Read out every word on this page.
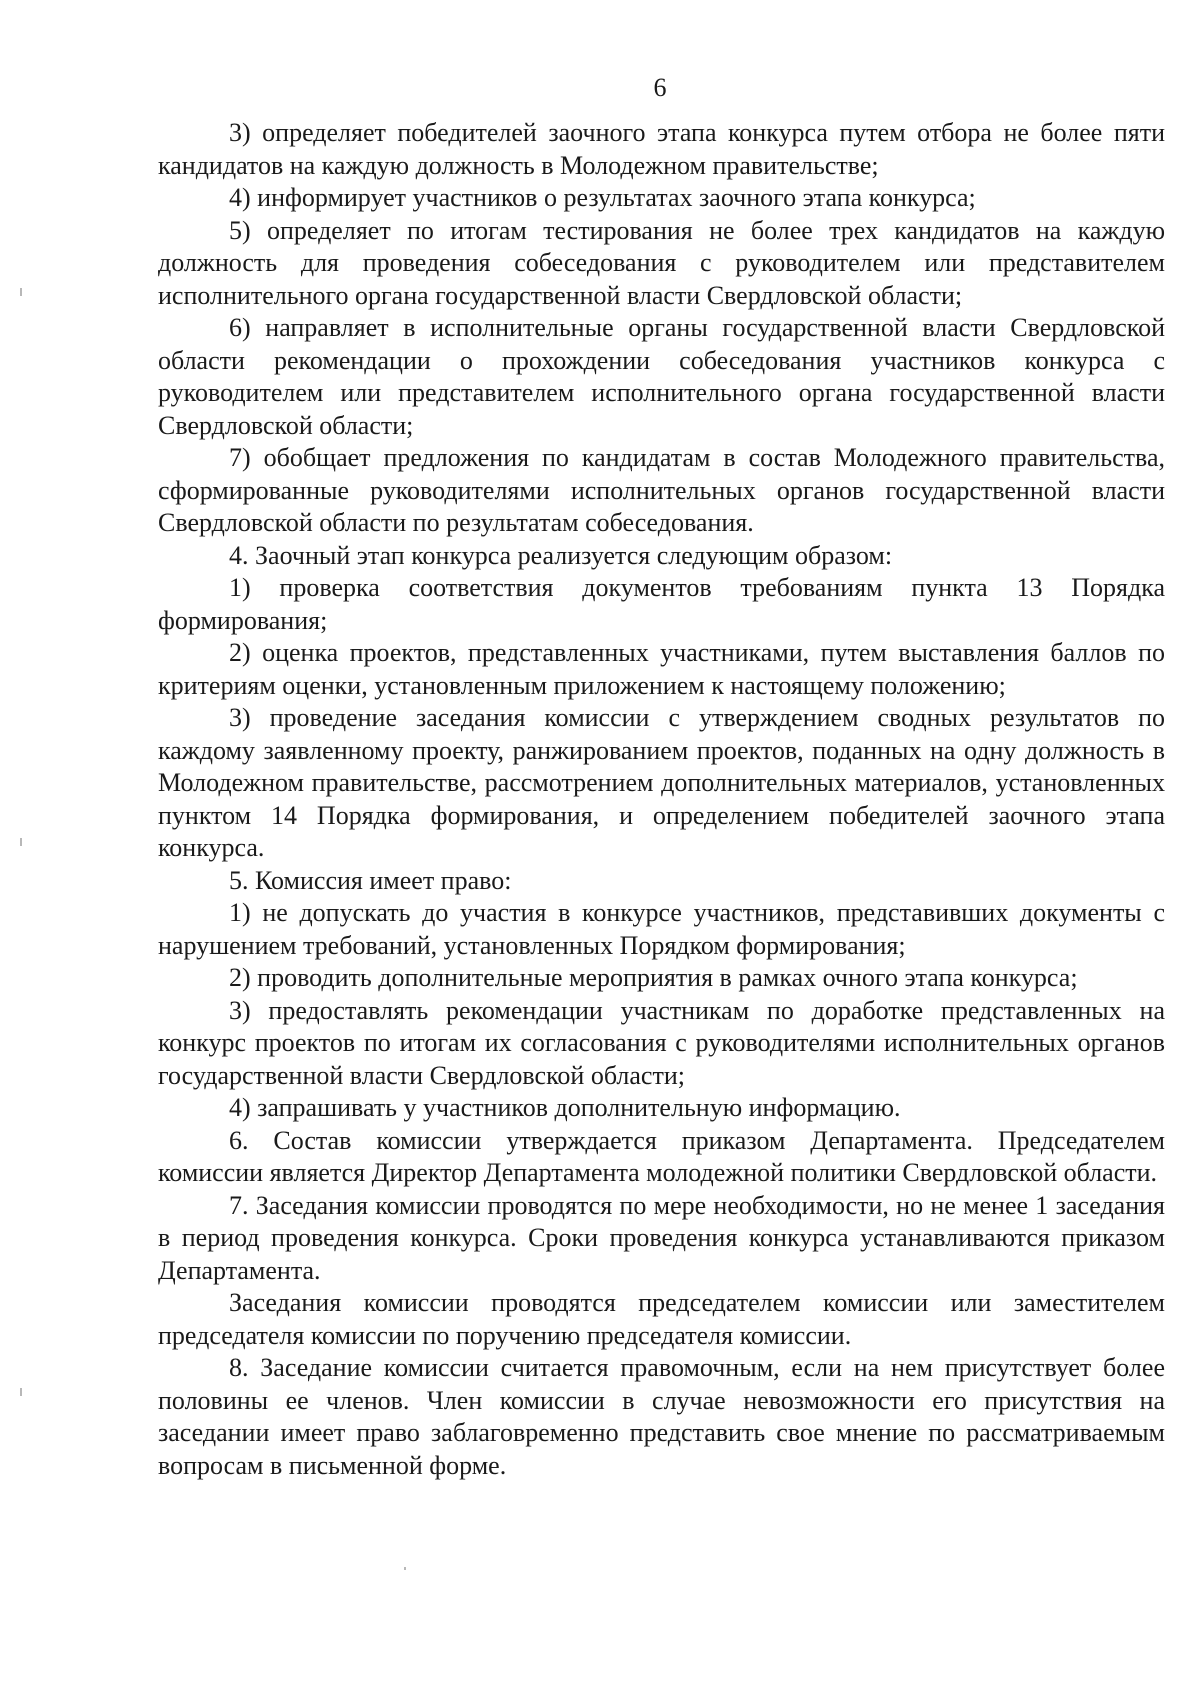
6

3) определяет победителей заочного этапа конкурса путем отбора не более пяти кандидатов на каждую должность в Молодежном правительстве;

4) информирует участников о результатах заочного этапа конкурса;

5) определяет по итогам тестирования не более трех кандидатов на каждую должность для проведения собеседования с руководителем или представителем исполнительного органа государственной власти Свердловской области;

6) направляет в исполнительные органы государственной власти Свердловской области рекомендации о прохождении собеседования участников конкурса с руководителем или представителем исполнительного органа государственной власти Свердловской области;

7) обобщает предложения по кандидатам в состав Молодежного правительства, сформированные руководителями исполнительных органов государственной власти Свердловской области по результатам собеседования.

4. Заочный этап конкурса реализуется следующим образом:

1) проверка соответствия документов требованиям пункта 13 Порядка формирования;

2) оценка проектов, представленных участниками, путем выставления баллов по критериям оценки, установленным приложением к настоящему положению;

3) проведение заседания комиссии с утверждением сводных результатов по каждому заявленному проекту, ранжированием проектов, поданных на одну должность в Молодежном правительстве, рассмотрением дополнительных материалов, установленных пунктом 14 Порядка формирования, и определением победителей заочного этапа конкурса.

5. Комиссия имеет право:

1) не допускать до участия в конкурсе участников, представивших документы с нарушением требований, установленных Порядком формирования;

2) проводить дополнительные мероприятия в рамках очного этапа конкурса;

3) предоставлять рекомендации участникам по доработке представленных на конкурс проектов по итогам их согласования с руководителями исполнительных органов государственной власти Свердловской области;

4) запрашивать у участников дополнительную информацию.

6. Состав комиссии утверждается приказом Департамента. Председателем комиссии является Директор Департамента молодежной политики Свердловской области.

7. Заседания комиссии проводятся по мере необходимости, но не менее 1 заседания в период проведения конкурса. Сроки проведения конкурса устанавливаются приказом Департамента.

Заседания комиссии проводятся председателем комиссии или заместителем председателя комиссии по поручению председателя комиссии.

8. Заседание комиссии считается правомочным, если на нем присутствует более половины ее членов. Член комиссии в случае невозможности его присутствия на заседании имеет право заблаговременно представить свое мнение по рассматриваемым вопросам в письменной форме.
